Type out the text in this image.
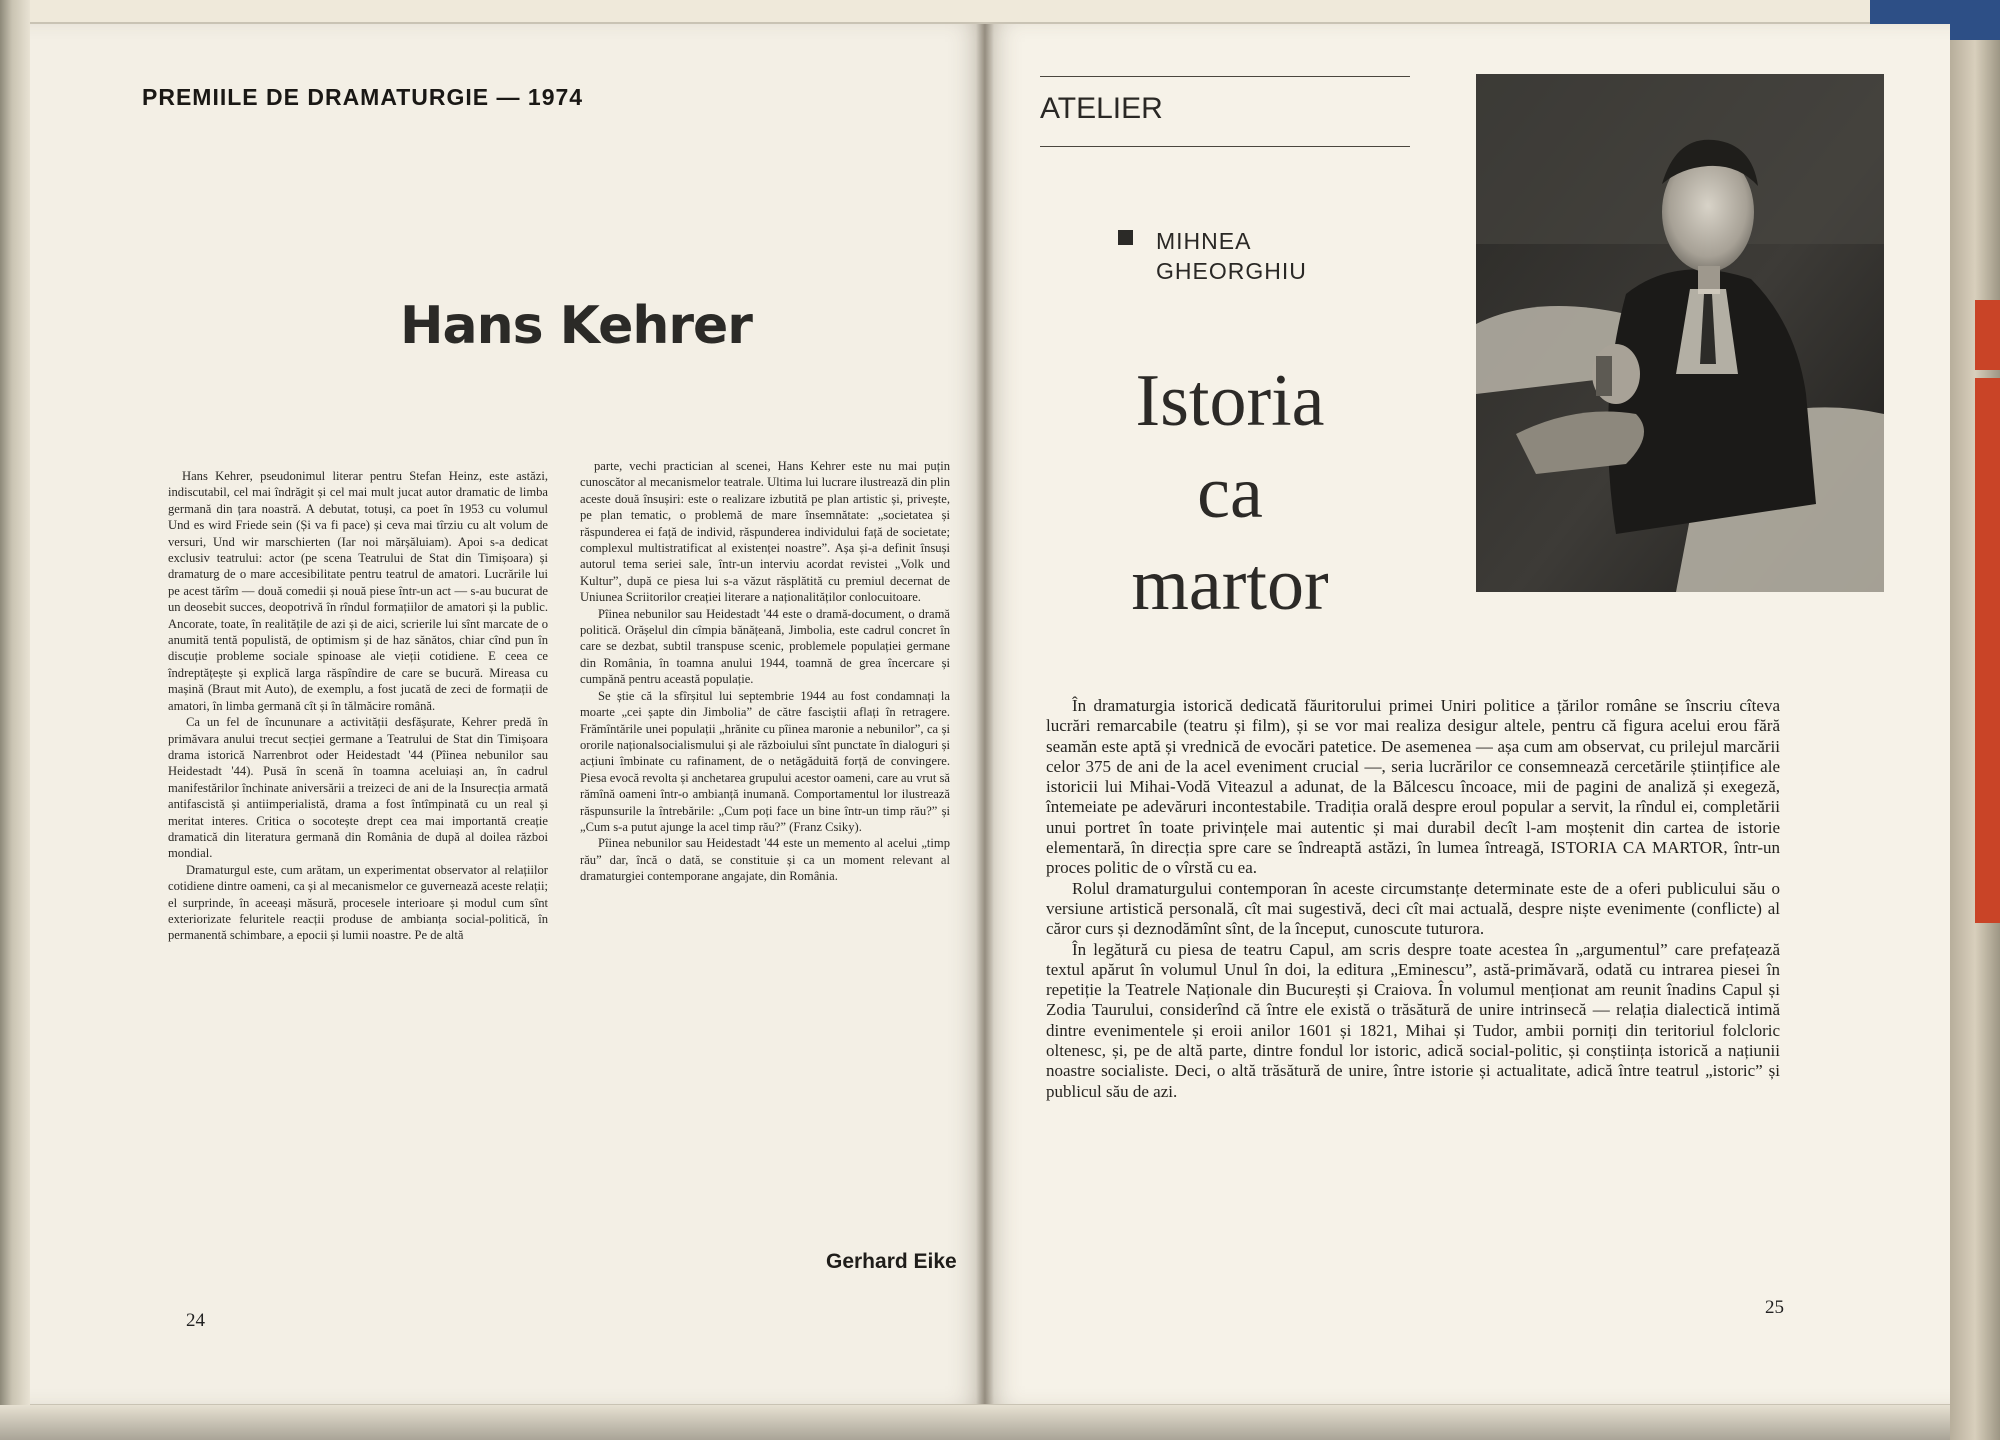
PREMIILE DE DRAMATURGIE — 1974
Hans Kehrer

Hans Kehrer, pseudonimul literar pentru Stefan Heinz, este astăzi, indiscutabil, cel mai îndrăgit și cel mai mult jucat autor dramatic de limba germană din țara noastră. A debutat, totuși, ca poet în 1953 cu volumul Und es wird Friede sein (Și va fi pace) și ceva mai tîrziu cu alt volum de versuri, Und wir marschierten (Iar noi mărșăluiam). Apoi s-a dedicat exclusiv teatrului: actor (pe scena Teatrului de Stat din Timișoara) și dramaturg de o mare accesibilitate pentru teatrul de amatori. Lucrările lui pe acest tărîm — două comedii și nouă piese într-un act — s-au bucurat de un deosebit succes, deopotrivă în rîndul formațiilor de amatori și la public. Ancorate, toate, în realitățile de azi și de aici, scrierile lui sînt marcate de o anumită tentă populistă, de optimism și de haz sănătos, chiar cînd pun în discuție probleme sociale spinoase ale vieții cotidiene. E ceea ce îndreptățește și explică larga răspîndire de care se bucură. Mireasa cu mașină (Braut mit Auto), de exemplu, a fost jucată de zeci de formații de amatori, în limba germană cît și în tălmăcire română.

Ca un fel de încununare a activității desfășurate, Kehrer predă în primăvara anului trecut secției germane a Teatrului de Stat din Timișoara drama istorică Narrenbrot oder Heidestadt '44 (Pîinea nebunilor sau Heidestadt '44). Pusă în scenă în toamna aceluiași an, în cadrul manifestărilor închinate aniversării a treizeci de ani de la Insurecția armată antifascistă și antiimperialistă, drama a fost întîmpinată cu un real și meritat interes. Critica o socotește drept cea mai importantă creație dramatică din literatura germană din România de după al doilea război mondial.

Dramaturgul este, cum arătam, un experimentat observator al relațiilor cotidiene dintre oameni, ca și al mecanismelor ce guvernează aceste relații; el surprinde, în aceeași măsură, procesele interioare și modul cum sînt exteriorizate feluritele reacții produse de ambianța social-politică, în permanentă schimbare, a epocii și lumii noastre. Pe de altă

parte, vechi practician al scenei, Hans Kehrer este nu mai puțin cunoscător al mecanismelor teatrale. Ultima lui lucrare ilustrează din plin aceste două însușiri: este o realizare izbutită pe plan artistic și, privește, pe plan tematic, o problemă de mare însemnătate: „societatea și răspunderea ei față de individ, răspunderea individului față de societate; complexul multistratificat al existenței noastre”. Așa și-a definit însuși autorul tema seriei sale, într-un interviu acordat revistei „Volk und Kultur”, după ce piesa lui s-a văzut răsplătită cu premiul decernat de Uniunea Scriitorilor creației literare a naționalităților conlocuitoare.

Pîinea nebunilor sau Heidestadt '44 este o dramă-document, o dramă politică. Orășelul din cîmpia bănățeană, Jimbolia, este cadrul concret în care se dezbat, subtil transpuse scenic, problemele populației germane din România, în toamna anului 1944, toamnă de grea încercare și cumpănă pentru această populație.

Se știe că la sfîrșitul lui septembrie 1944 au fost condamnați la moarte „cei șapte din Jimbolia” de către fasciștii aflați în retragere. Frămîntările unei populații „hrănite cu pîinea maronie a nebunilor”, ca și ororile naționalsocialismului și ale războiului sînt punctate în dialoguri și acțiuni îmbinate cu rafinament, de o netăgăduită forță de convingere. Piesa evocă revolta și anchetarea grupului acestor oameni, care au vrut să rămînă oameni într-o ambianță inumană. Comportamentul lor ilustrează răspunsurile la întrebările: „Cum poți face un bine într-un timp rău?” și „Cum s-a putut ajunge la acel timp rău?” (Franz Csiky).

Pîinea nebunilor sau Heidestadt '44 este un memento al acelui „timp rău” dar, încă o dată, se constituie și ca un moment relevant al dramaturgiei contemporane angajate, din România.

Gerhard Eike

24

ATELIER

MIHNEA GHEORGHIU

Istoria
ca
martor

În dramaturgia istorică dedicată făuritorului primei Uniri politice a țărilor române se înscriu cîteva lucrări remarcabile (teatru și film), și se vor mai realiza desigur altele, pentru că figura acelui erou fără seamăn este aptă și vrednică de evocări patetice. De asemenea — așa cum am observat, cu prilejul marcării celor 375 de ani de la acel eveniment crucial —, seria lucrărilor ce consemnează cercetările științifice ale istoricii lui Mihai-Vodă Viteazul a adunat, de la Bălcescu încoace, mii de pagini de analiză și exegeză, întemeiate pe adevăruri incontestabile. Tradiția orală despre eroul popular a servit, la rîndul ei, completării unui portret în toate privințele mai autentic și mai durabil decît l-am moștenit din cartea de istorie elementară, în direcția spre care se îndreaptă astăzi, în lumea întreagă, ISTORIA CA MARTOR, într-un proces politic de o vîrstă cu ea.

Rolul dramaturgului contemporan în aceste circumstanțe determinate este de a oferi publicului său o versiune artistică personală, cît mai sugestivă, deci cît mai actuală, despre niște evenimente (conflicte) al căror curs și deznodămînt sînt, de la început, cunoscute tuturora.

În legătură cu piesa de teatru Capul, am scris despre toate acestea în „argumentul” care prefațează textul apărut în volumul Unul în doi, la editura „Eminescu”, astă-primăvară, odată cu intrarea piesei în repetiție la Teatrele Naționale din București și Craiova. În volumul menționat am reunit înadins Capul și Zodia Taurului, considerînd că între ele există o trăsătură de unire intrinsecă — relația dialectică intimă dintre evenimentele și eroii anilor 1601 și 1821, Mihai și Tudor, ambii porniți din teritoriul folcloric oltenesc, și, pe de altă parte, dintre fondul lor istoric, adică social-politic, și conștiința istorică a națiunii noastre socialiste. Deci, o altă trăsătură de unire, între istorie și actualitate, adică între teatrul „istoric” și publicul său de azi.

25
